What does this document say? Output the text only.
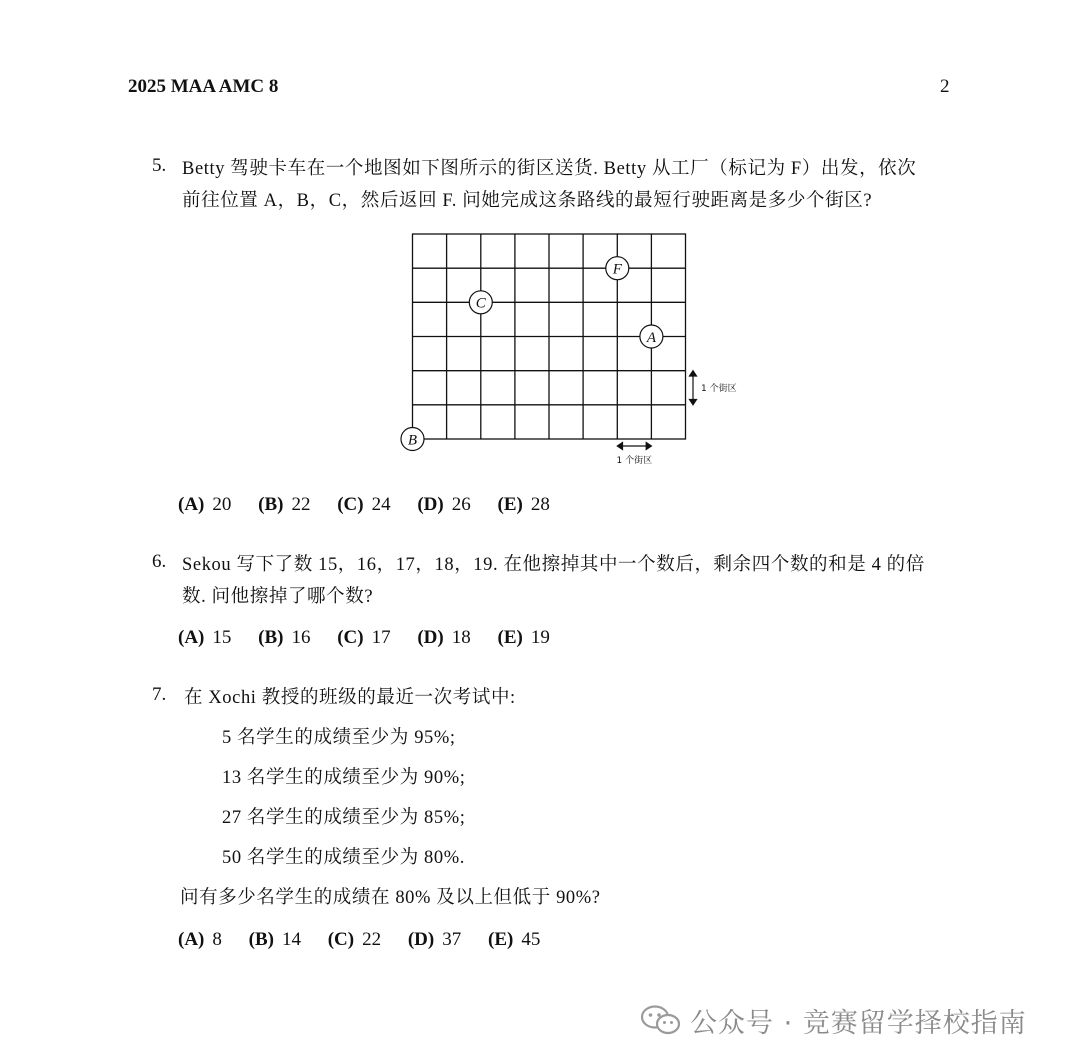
2025 MAA AMC 8	2
5. Betty 驾驶卡车在一个地图如下图所示的街区送货. Betty 从工厂（标记为 F）出发，依次
前往位置 A，B，C，然后返回 F. 问她完成这条路线的最短行驶距离是多少个街区?
F
C
A
B
1 个街区
1 个街区
(A) 20 (B) 22 (C) 24 (D) 26 (E) 28
6. Sekou 写下了数 15，16，17，18，19. 在他擦掉其中一个数后，剩余四个数的和是 4 的倍
数. 问他擦掉了哪个数?
(A) 15 (B) 16 (C) 17 (D) 18 (E) 19
7. 在 Xochi 教授的班级的最近一次考试中:
5 名学生的成绩至少为 95%;
13 名学生的成绩至少为 90%;
27 名学生的成绩至少为 85%;
50 名学生的成绩至少为 80%.
问有多少名学生的成绩在 80% 及以上但低于 90%?
(A) 8 (B) 14 (C) 22 (D) 37 (E) 45
公众号 · 竞赛留学择校指南
